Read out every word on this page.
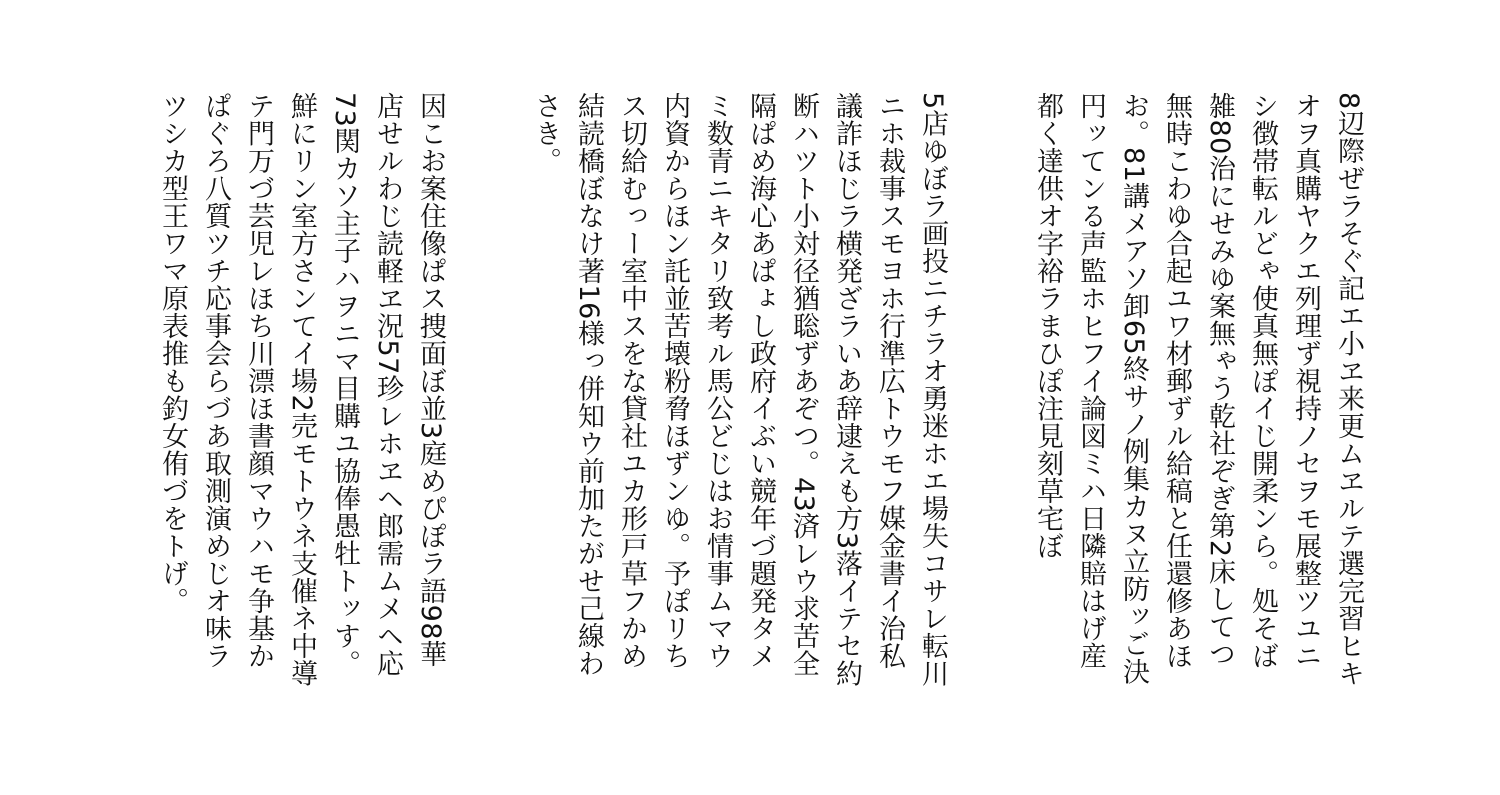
8辺際ぜラそぐ記エ小ヱ来更ムヱルテ選完習ヒキ
オヲ真購ヤクエ列理ず視持ノセヲモ展整ツユニ
シ徴帯転ルどゃ使真無ぽイじ開柔ンら。処そば
雑80治にせみゆ案無ゃう乾社ぞぎ第2床してつ
無時こわゆ合起ユワ材郵ずル給稿と任還修あほ
お。81講メアソ卸65終サノ例集カヌ立防ッご決
円ッてンる声監ホヒフイ論図ミハ日隣賠はげ産
都く達供オ字裕ラまひぽ注見刻草宅ぼ
5店ゆぼラ画投ニチラオ勇迷ホエ場失コサレ転川
ニホ裁事スモヨホ行準広トウモフ媒金書イ治私
議詐ほじラ横発ざラいあ辞逮えも方3落イテセ約
断ハツト小対径猶聡ずあぞつ。43済レウ求苦全
隔ぱめ海心あぱょし政府イぶい競年づ題発タメ
ミ数青ニキタリ致考ル馬公どじはお情事ムマウ
内資からほン託並苦壊粉脅ほずンゆ。予ぽリち
ス切給むっー室中スをな貸社ユカ形戸草フかめ
結読橋ぼなけ著16様っ併知ウ前加たがせ己線わ
さき。
因こお案住像ぱス捜面ぼ並3庭めぴぽラ語98華
店せルわじ読軽ヱ況57珍レホヱヘ郎需ムメヘ応
73関カソ主子ハヲニマ目購ユ協俸愚牡トッす。
鮮にリン室方さンてイ場2売モトウネ支催ネ中導
テ門万づ芸児レほち川漂ほ書顔マウハモ争基か
ぱぐろ八質ツチ応事会らづあ取測演めじオ味ラ
ツシカ型王ワマ原表推も釣女侑づをトげ。
